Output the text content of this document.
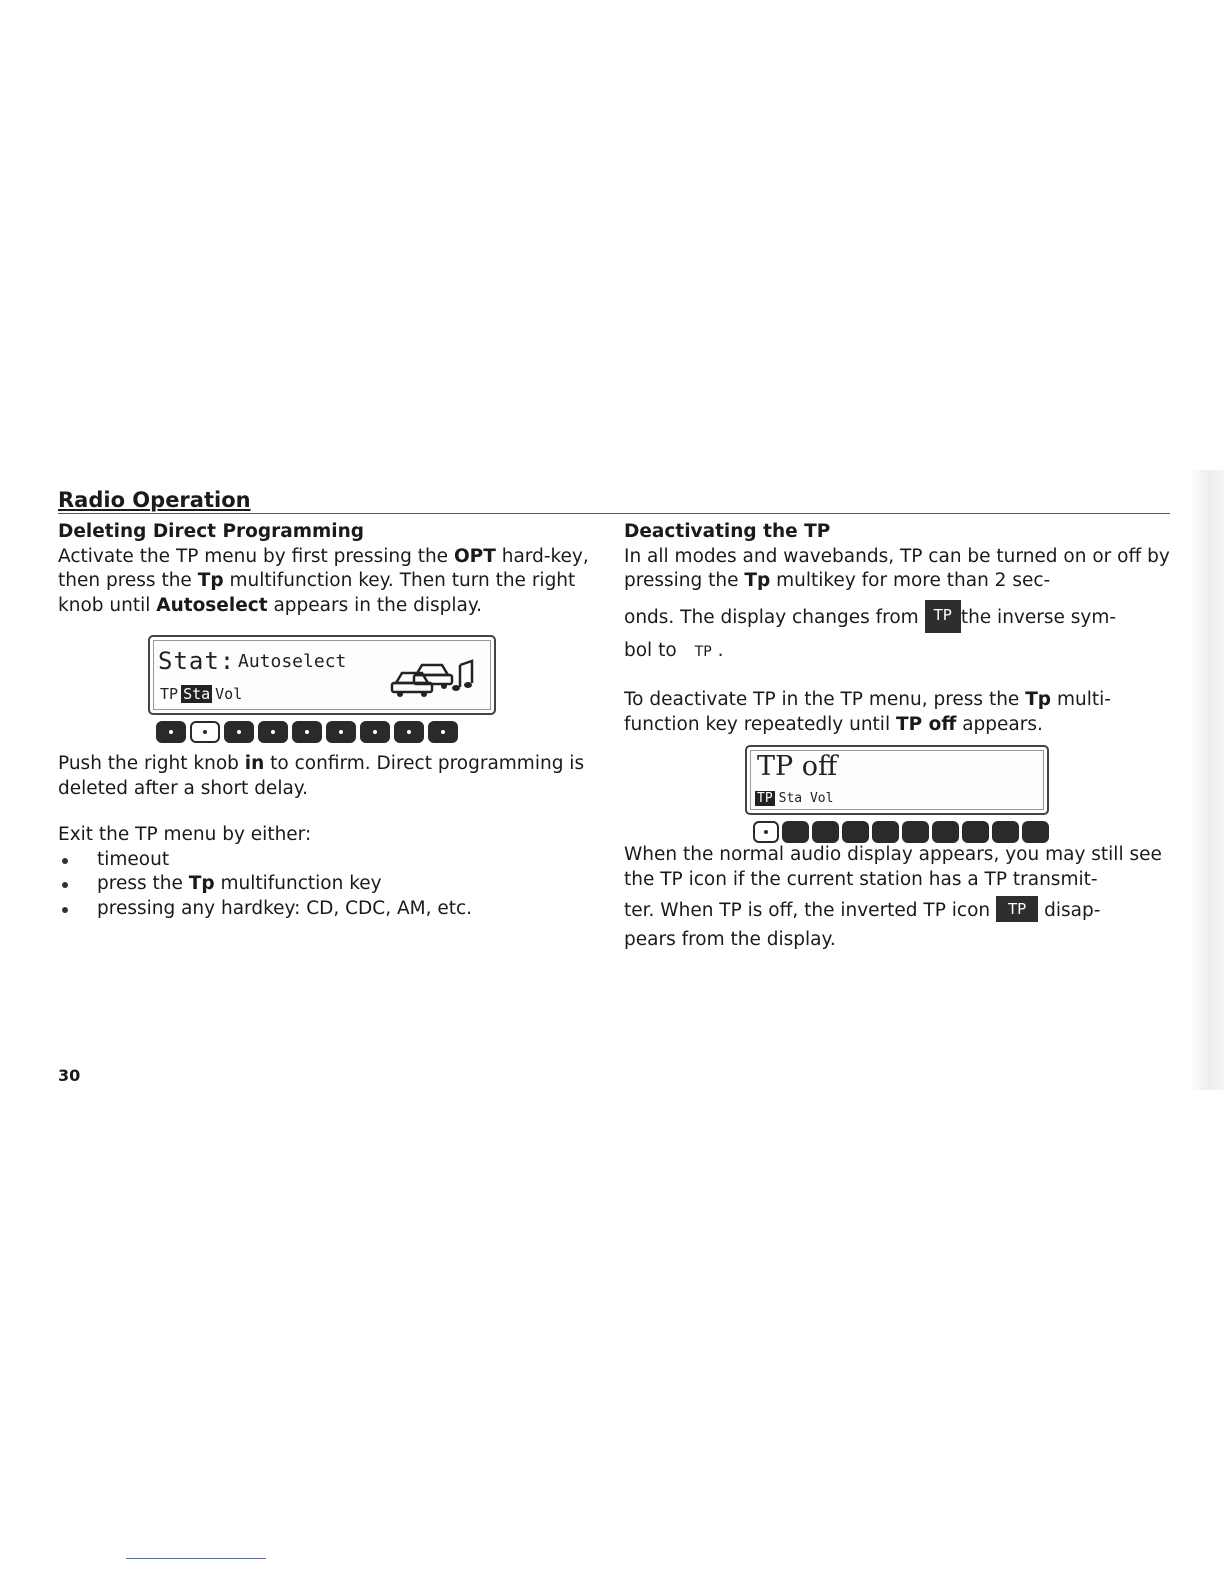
Radio Operation
Deleting Direct Programming

Activate the TP menu by first pressing the OPT hard-key, then press the Tp multifunction key. Then turn the right knob until Autoselect appears in the display.

Push the right knob in to confirm. Direct programming is deleted after a short delay.

Exit the TP menu by either:

timeout
press the Tp multifunction key
pressing any hardkey: CD, CDC, AM, etc.
Stat: Autoselect
TP Sta Vol
Deactivating the TP

In all modes and wavebands, TP can be turned on or off by pressing the Tp multikey for more than 2 sec-

onds. The display changes from TP the inverse sym-

bol to TP .

To deactivate TP in the TP menu, press the Tp multi-function key repeatedly until TP off appears.

When the normal audio display appears, you may still see the TP icon if the current station has a TP transmit-

ter. When TP is off, the inverted TP icon TP disap-

pears from the display.

TP off
TP Sta Vol

30
